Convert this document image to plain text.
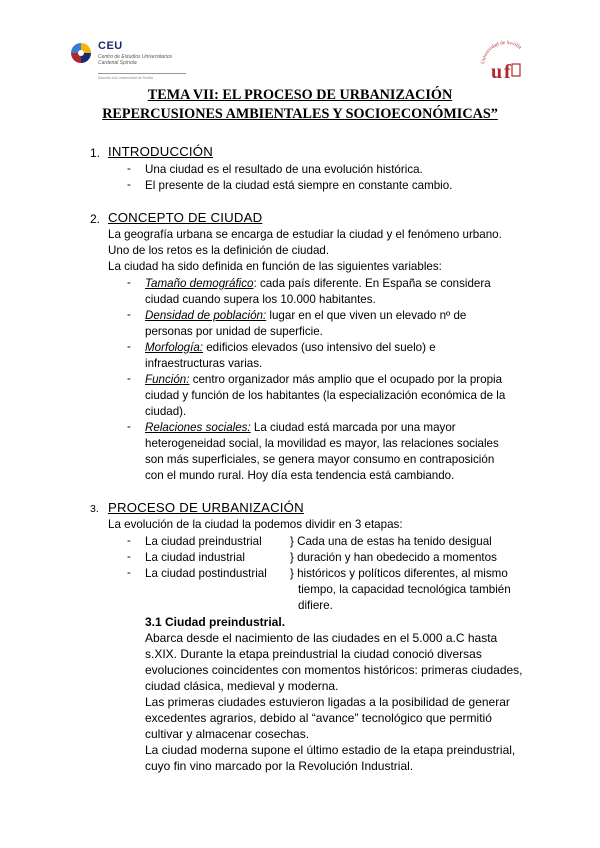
CEU
Centro de Estudios Universitarios
Cardenal Spínola
Adscrito a la Universidad de Sevilla
Universidad de Sevilla
u f
TEMA VII: EL PROCESO DE URBANIZACIÓN
REPERCUSIONES AMBIENTALES Y SOCIOECONÓMICAS”
1. INTRODUCCIÓN
- Una ciudad es el resultado de una evolución histórica.
- El presente de la ciudad está siempre en constante cambio.
2. CONCEPTO DE CIUDAD
La geografía urbana se encarga de estudiar la ciudad y el fenómeno urbano.
Uno de los retos es la definición de ciudad.
La ciudad ha sido definida en función de las siguientes variables:
- Tamaño demográfico: cada país diferente. En España se considera
ciudad cuando supera los 10.000 habitantes.
- Densidad de población: lugar en el que viven un elevado nº de
personas por unidad de superficie.
- Morfología: edificios elevados (uso intensivo del suelo) e
infraestructuras varias.
- Función: centro organizador más amplio que el ocupado por la propia
ciudad y función de los habitantes (la especialización económica de la
ciudad).
- Relaciones sociales: La ciudad está marcada por una mayor
heterogeneidad social, la movilidad es mayor, las relaciones sociales
son más superficiales, se genera mayor consumo en contraposición
con el mundo rural. Hoy día esta tendencia está cambiando.
3. PROCESO DE URBANIZACIÓN
La evolución de la ciudad la podemos dividir en 3 etapas:
- La ciudad preindustrial
- La ciudad industrial
- La ciudad postindustrial
} Cada una de estas ha tenido desigual
} duración y han obedecido a momentos
} históricos y políticos diferentes, al mismo
tiempo, la capacidad tecnológica también
difiere.
3.1 Ciudad preindustrial.
Abarca desde el nacimiento de las ciudades en el 5.000 a.C hasta
s.XIX. Durante la etapa preindustrial la ciudad conoció diversas
evoluciones coincidentes con momentos históricos: primeras ciudades,
ciudad clásica, medieval y moderna.
Las primeras ciudades estuvieron ligadas a la posibilidad de generar
excedentes agrarios, debido al “avance” tecnológico que permitió
cultivar y almacenar cosechas.
La ciudad moderna supone el último estadio de la etapa preindustrial,
cuyo fin vino marcado por la Revolución Industrial.
